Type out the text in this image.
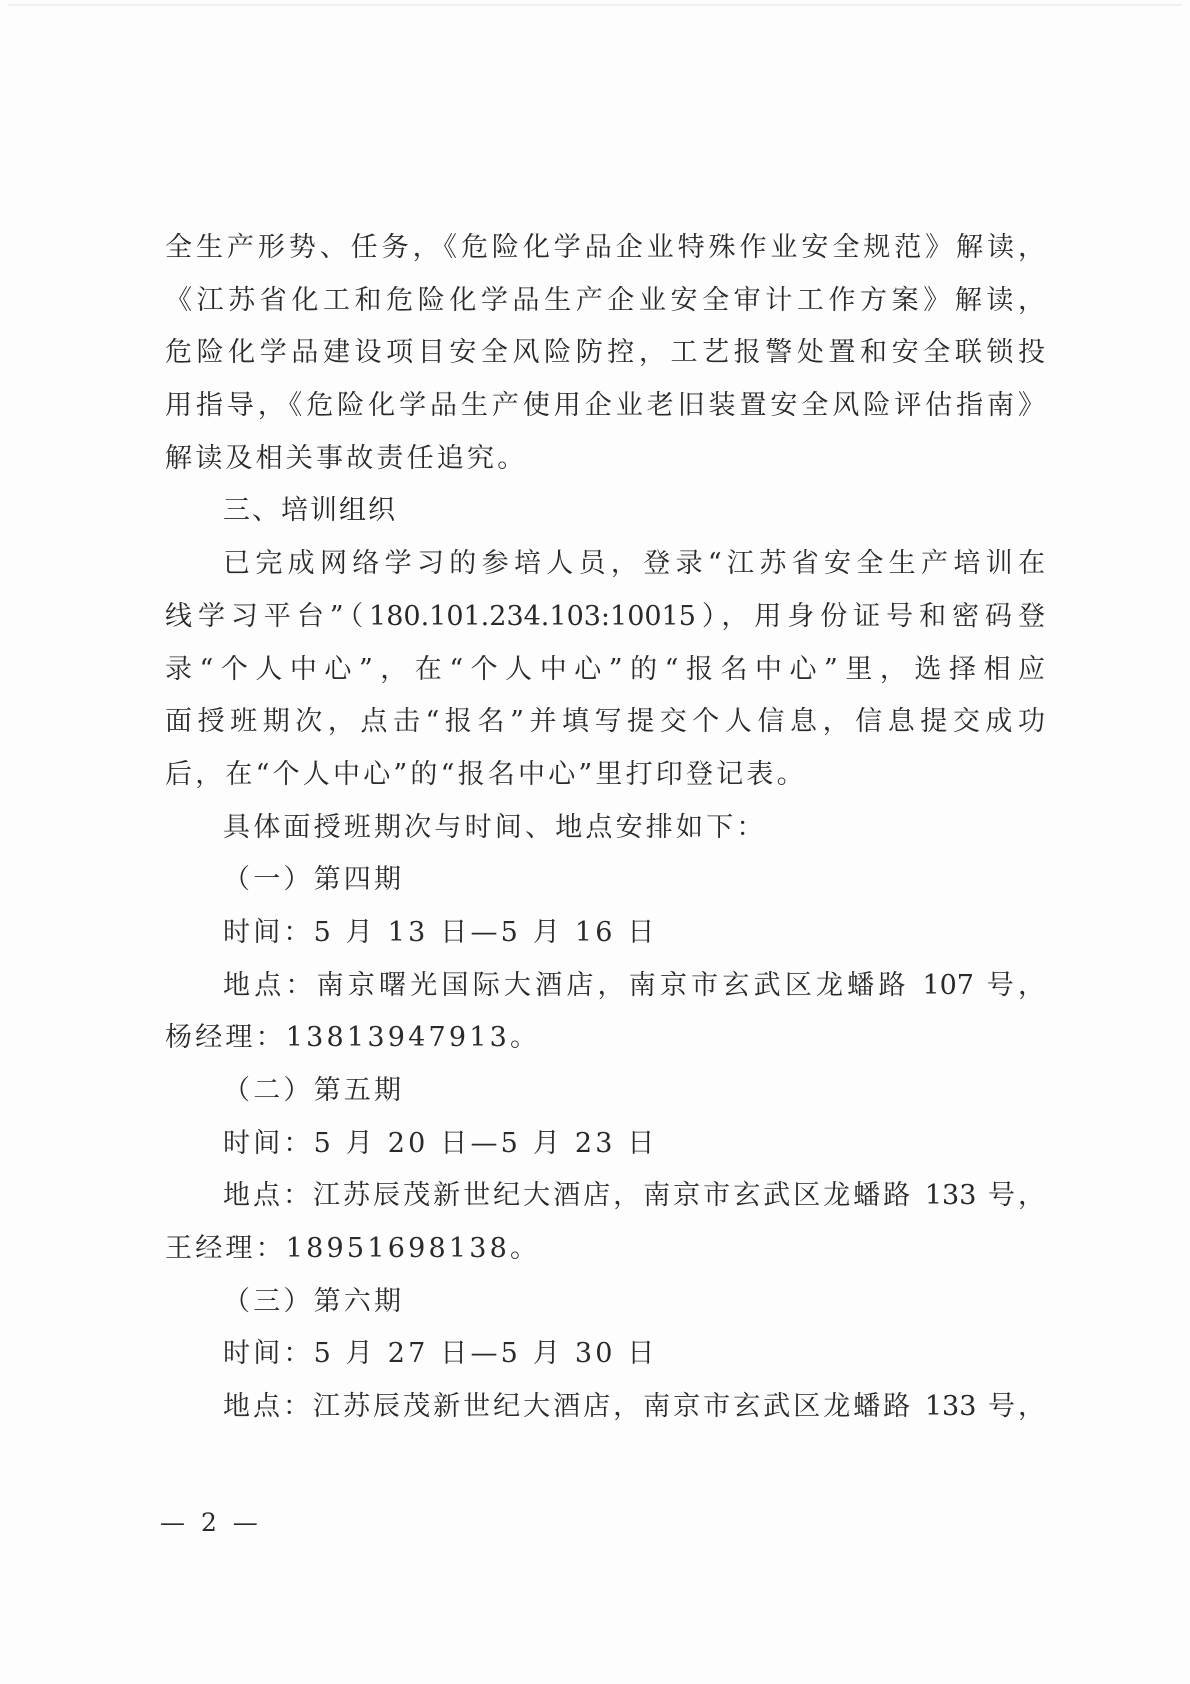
全生产形势、任务，《危险化学品企业特殊作业安全规范》解读，
《江苏省化工和危险化学品生产企业安全审计工作方案》解读，
危险化学品建设项目安全风险防控，工艺报警处置和安全联锁投
用指导，《危险化学品生产使用企业老旧装置安全风险评估指南》
解读及相关事故责任追究。
三、培训组织
已完成网络学习的参培人员，登录“江苏省安全生产培训在
线学习平台”（180.101.234.103:10015），用身份证号和密码登
录“个人中心”，在“个人中心”的“报名中心”里，选择相应
面授班期次，点击“报名”并填写提交个人信息，信息提交成功
后，在“个人中心”的“报名中心”里打印登记表。
具体面授班期次与时间、地点安排如下：
（一）第四期
时间：5 月 13 日—5 月 16 日
地点：南京曙光国际大酒店，南京市玄武区龙蟠路 107 号，
杨经理：13813947913。
（二）第五期
时间：5 月 20 日—5 月 23 日
地点：江苏辰茂新世纪大酒店，南京市玄武区龙蟠路 133 号，
王经理：18951698138。
（三）第六期
时间：5 月 27 日—5 月 30 日
地点：江苏辰茂新世纪大酒店，南京市玄武区龙蟠路 133 号，
— 2 —
